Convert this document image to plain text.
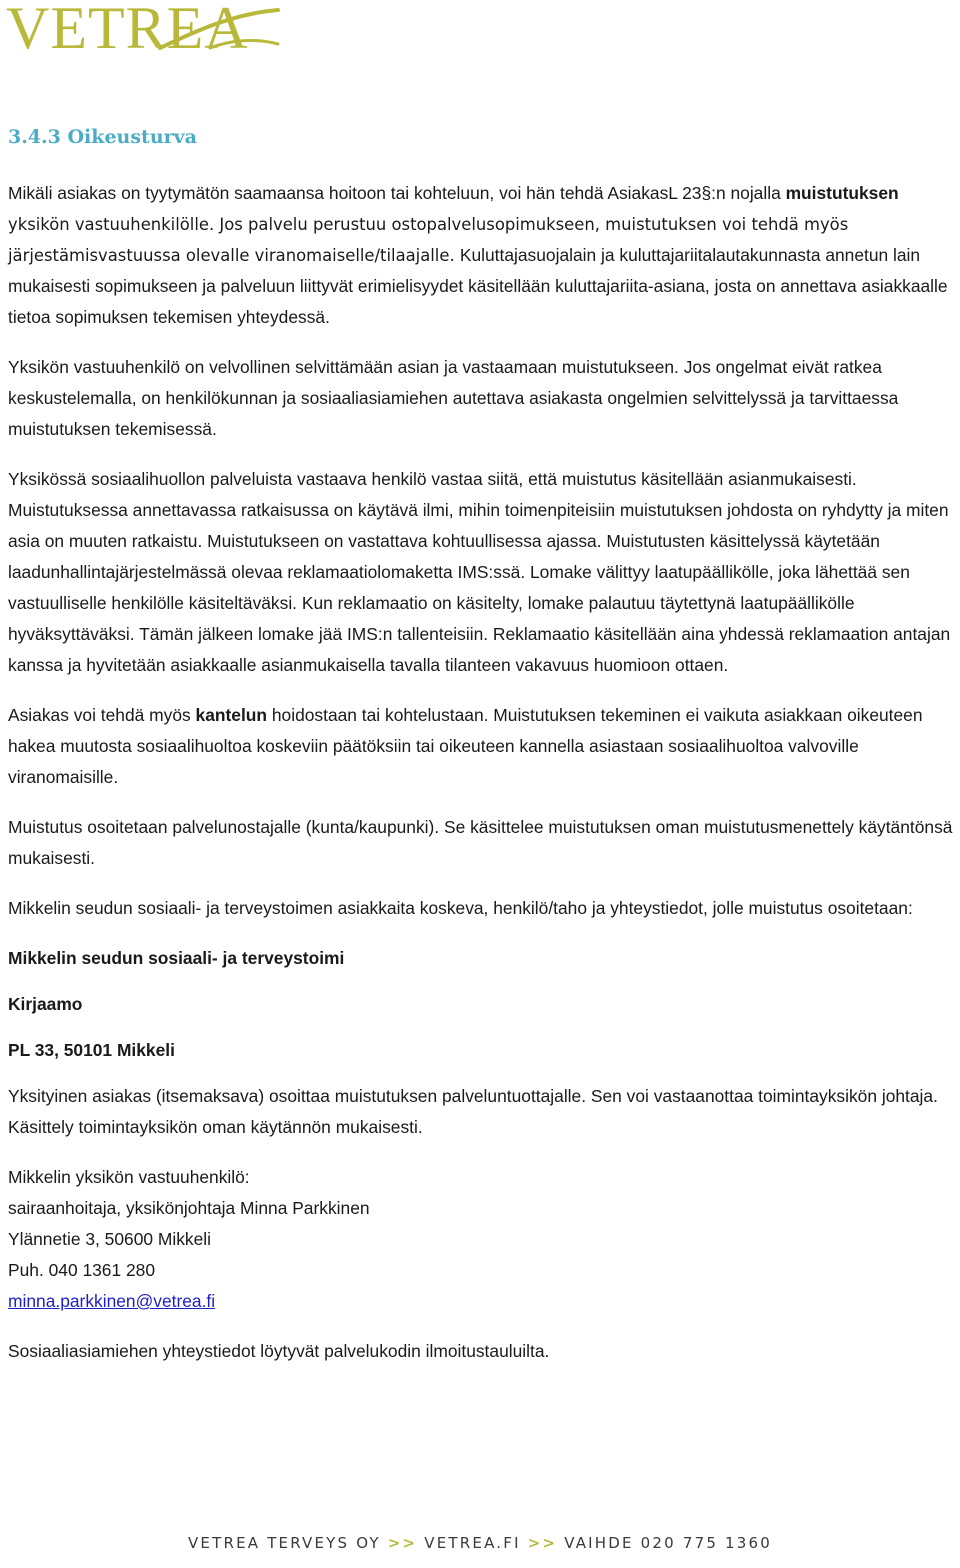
VETREA
3.4.3 Oikeusturva

Mikäli asiakas on tyytymätön saamaansa hoitoon tai kohteluun, voi hän tehdä AsiakasL 23§:n nojalla muistutuksen yksikön vastuuhenkilölle. Jos palvelu perustuu ostopalvelusopimukseen, muistutuksen voi tehdä myös järjestämisvastuussa olevalle viranomaiselle/tilaajalle. Kuluttajasuojalain ja kuluttajariitalautakunnasta annetun lain mukaisesti sopimukseen ja palveluun liittyvät erimielisyydet käsitellään kuluttajariita-asiana, josta on annettava asiakkaalle tietoa sopimuksen tekemisen yhteydessä.

Yksikön vastuuhenkilö on velvollinen selvittämään asian ja vastaamaan muistutukseen. Jos ongelmat eivät ratkea keskustelemalla, on henkilökunnan ja sosiaaliasiamiehen autettava asiakasta ongelmien selvittelyssä ja tarvittaessa muistutuksen tekemisessä.

Yksikössä sosiaalihuollon palveluista vastaava henkilö vastaa siitä, että muistutus käsitellään asianmukaisesti. Muistutuksessa annettavassa ratkaisussa on käytävä ilmi, mihin toimenpiteisiin muistutuksen johdosta on ryhdytty ja miten asia on muuten ratkaistu. Muistutukseen on vastattava kohtuullisessa ajassa. Muistutusten käsittelyssä käytetään laadunhallintajärjestelmässä olevaa reklamaatiolomaketta IMS:ssä. Lomake välittyy laatupäällikölle, joka lähettää sen vastuulliselle henkilölle käsiteltäväksi. Kun reklamaatio on käsitelty, lomake palautuu täytettynä laatupäällikölle hyväksyttäväksi. Tämän jälkeen lomake jää IMS:n tallenteisiin. Reklamaatio käsitellään aina yhdessä reklamaation antajan kanssa ja hyvitetään asiakkaalle asianmukaisella tavalla tilanteen vakavuus huomioon ottaen.

Asiakas voi tehdä myös kantelun hoidostaan tai kohtelustaan. Muistutuksen tekeminen ei vaikuta asiakkaan oikeuteen hakea muutosta sosiaalihuoltoa koskeviin päätöksiin tai oikeuteen kannella asiastaan sosiaalihuoltoa valvoville viranomaisille.

Muistutus osoitetaan palvelunostajalle (kunta/kaupunki). Se käsittelee muistutuksen oman muistutusmenettely käytäntönsä mukaisesti.

Mikkelin seudun sosiaali- ja terveystoimen asiakkaita koskeva, henkilö/taho ja yhteystiedot, jolle muistutus osoitetaan:

Mikkelin seudun sosiaali- ja terveystoimi

Kirjaamo

PL 33, 50101 Mikkeli

Yksityinen asiakas (itsemaksava) osoittaa muistutuksen palveluntuottajalle. Sen voi vastaanottaa toimintayksikön johtaja. Käsittely toimintayksikön oman käytännön mukaisesti.

Mikkelin yksikön vastuuhenkilö:
sairaanhoitaja, yksikönjohtaja Minna Parkkinen
Ylännetie 3, 50600 Mikkeli
Puh. 040 1361 280
minna.parkkinen@vetrea.fi

Sosiaaliasiamiehen yhteystiedot löytyvät palvelukodin ilmoitustauluilta.

VETREA TERVEYS OY >> VETREA.FI >> VAIHDE 020 775 1360
